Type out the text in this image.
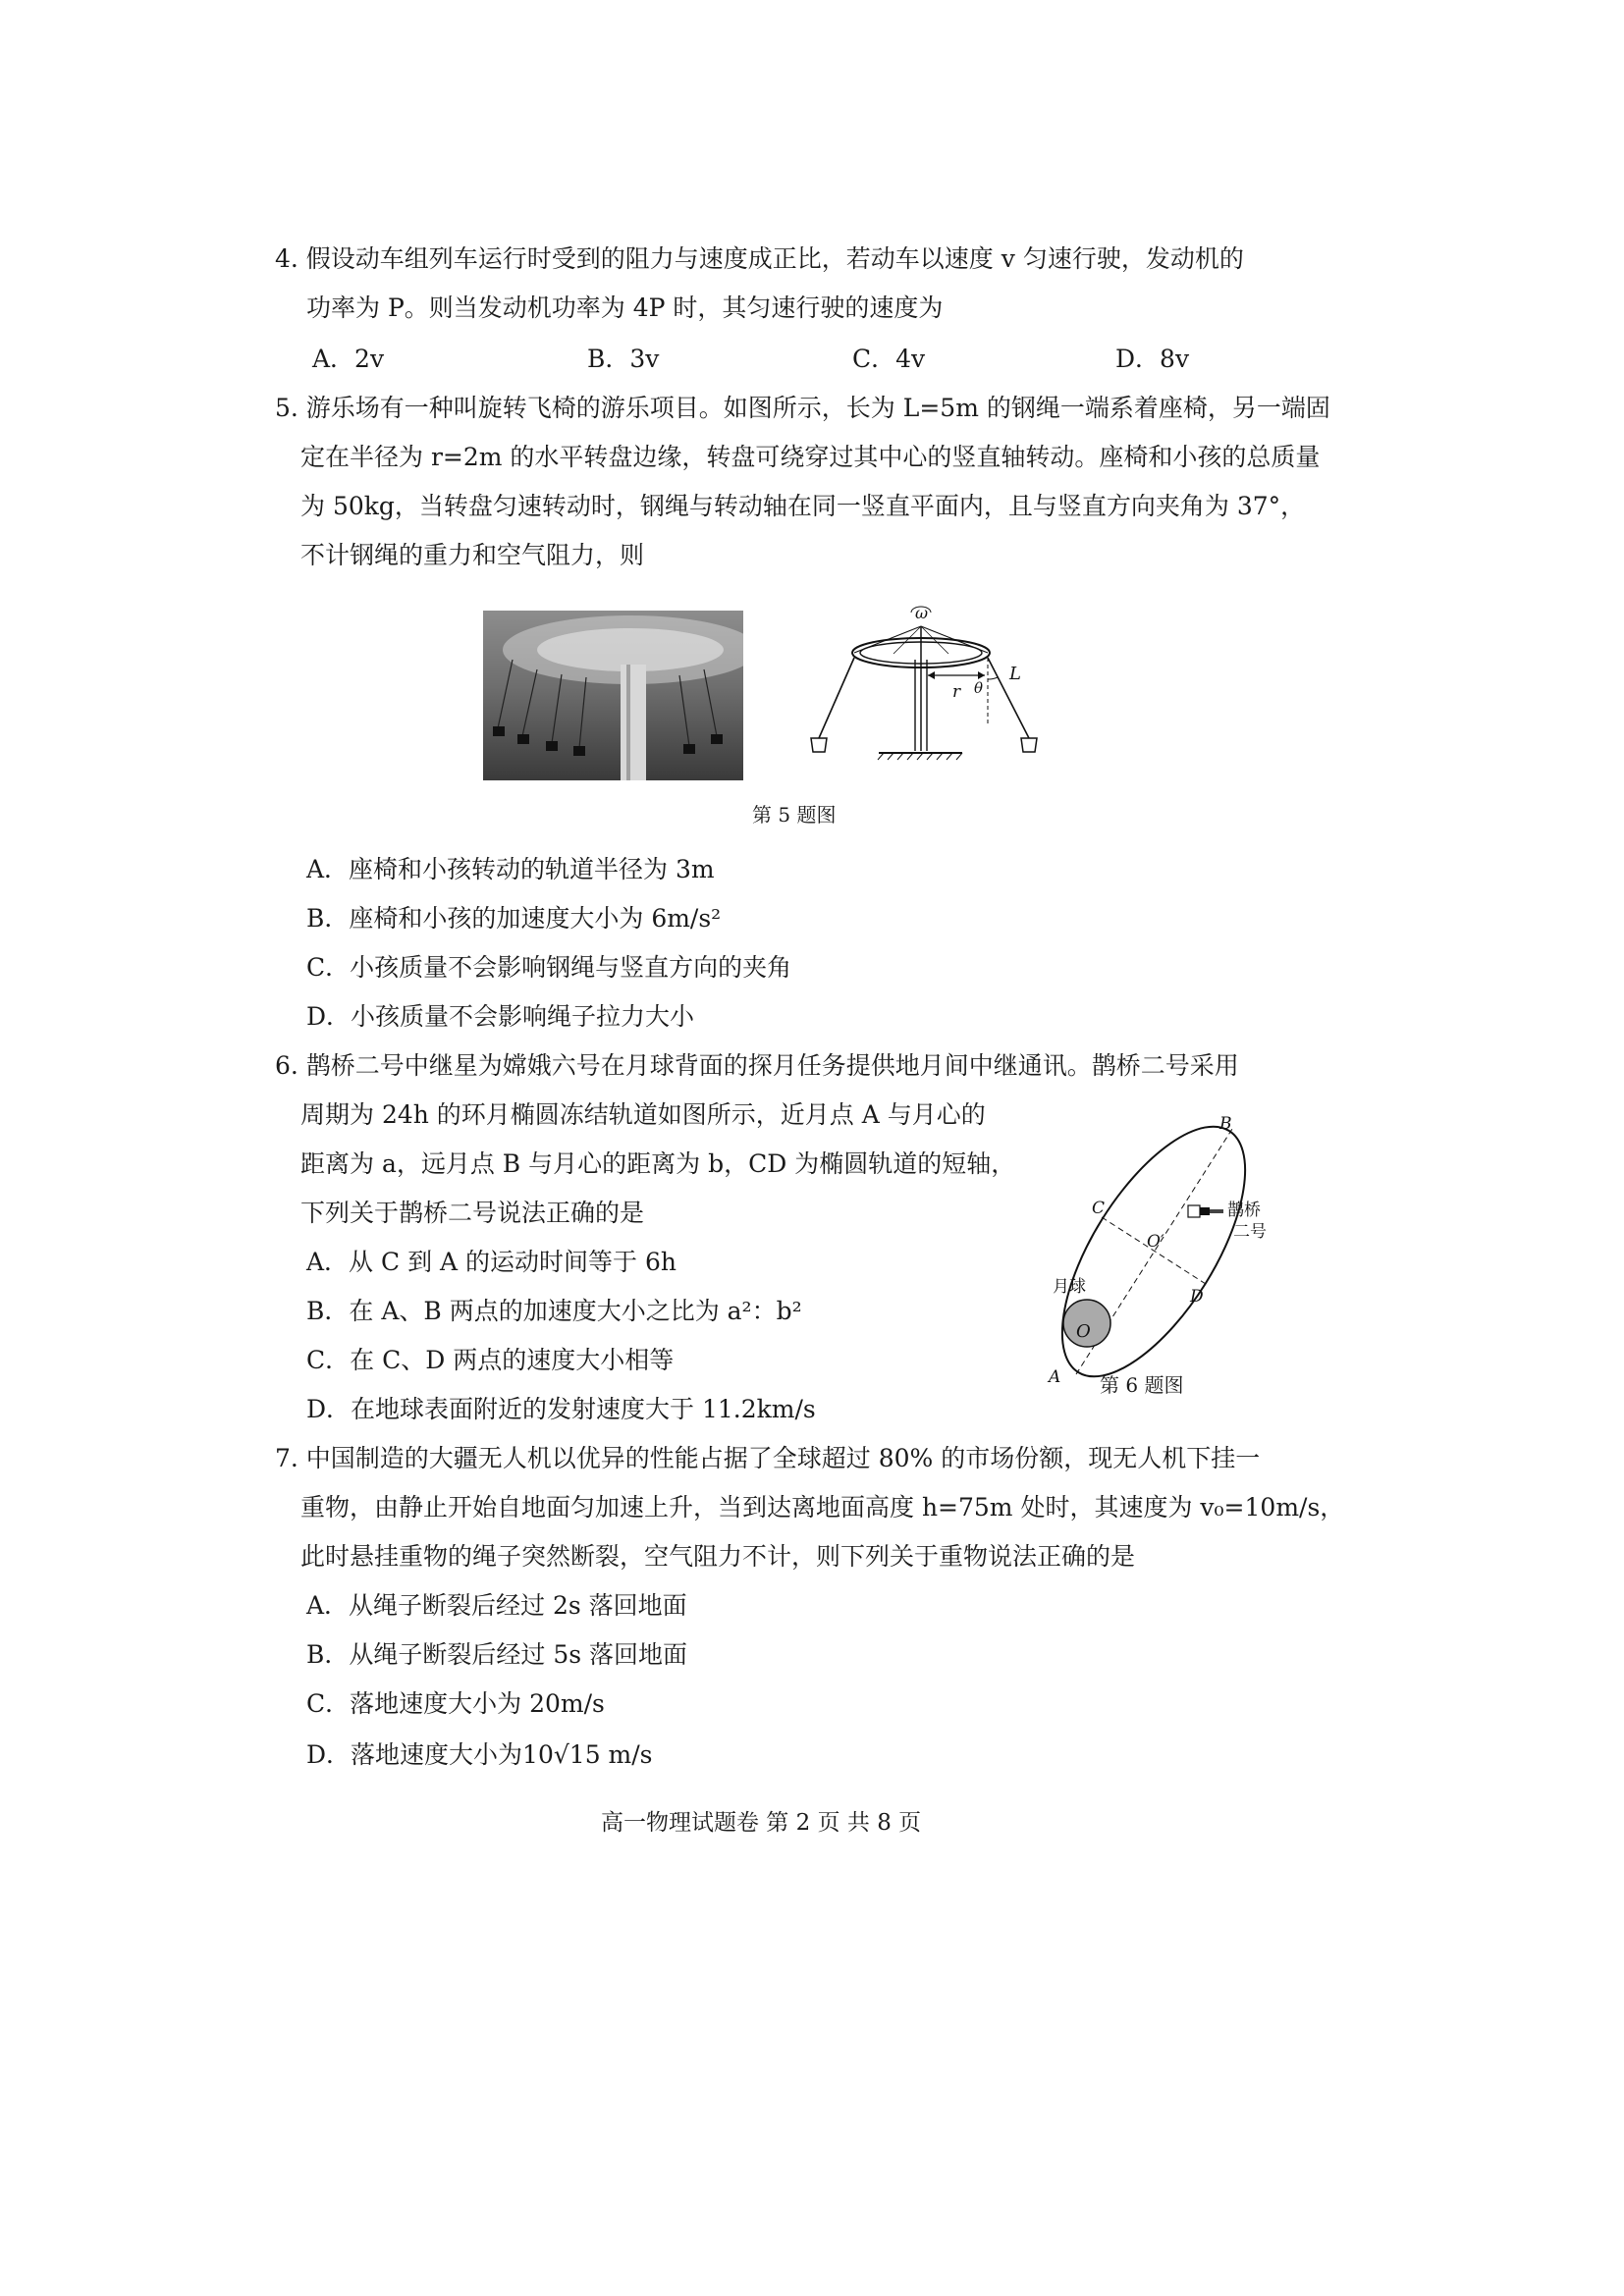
4. 假设动车组列车运行时受到的阻力与速度成正比，若动车以速度 v 匀速行驶，发动机的
功率为 P。则当发动机功率为 4P 时，其匀速行驶的速度为
A．2v	B．3v	C．4v	D．8v
5. 游乐场有一种叫旋转飞椅的游乐项目。如图所示，长为 L=5m 的钢绳一端系着座椅，另一端固
定在半径为 r=2m 的水平转盘边缘，转盘可绕穿过其中心的竖直轴转动。座椅和小孩的总质量
为 50kg，当转盘匀速转动时，钢绳与转动轴在同一竖直平面内，且与竖直方向夹角为 37°，
不计钢绳的重力和空气阻力，则
ω
L
r θ
第 5 题图
A．座椅和小孩转动的轨道半径为 3m
B．座椅和小孩的加速度大小为 6m/s²
C．小孩质量不会影响钢绳与竖直方向的夹角
D．小孩质量不会影响绳子拉力大小
6. 鹊桥二号中继星为嫦娥六号在月球背面的探月任务提供地月间中继通讯。鹊桥二号采用
周期为 24h 的环月椭圆冻结轨道如图所示，近月点 A 与月心的
距离为 a，远月点 B 与月心的距离为 b，CD 为椭圆轨道的短轴，
下列关于鹊桥二号说法正确的是
A．从 C 到 A 的运动时间等于 6h
B．在 A、B 两点的加速度大小之比为 a²：b²
C．在 C、D 两点的速度大小相等
D．在地球表面附近的发射速度大于 11.2km/s
B
C
D
O′
O
A
月球
鹊桥
二号
第 6 题图
7. 中国制造的大疆无人机以优异的性能占据了全球超过 80% 的市场份额，现无人机下挂一
重物，由静止开始自地面匀加速上升，当到达离地面高度 h=75m 处时，其速度为 v₀=10m/s，
此时悬挂重物的绳子突然断裂，空气阻力不计，则下列关于重物说法正确的是
A．从绳子断裂后经过 2s 落回地面
B．从绳子断裂后经过 5s 落回地面
C．落地速度大小为 20m/s
D．落地速度大小为10√15 m/s
高一物理试题卷 第 2 页 共 8 页
